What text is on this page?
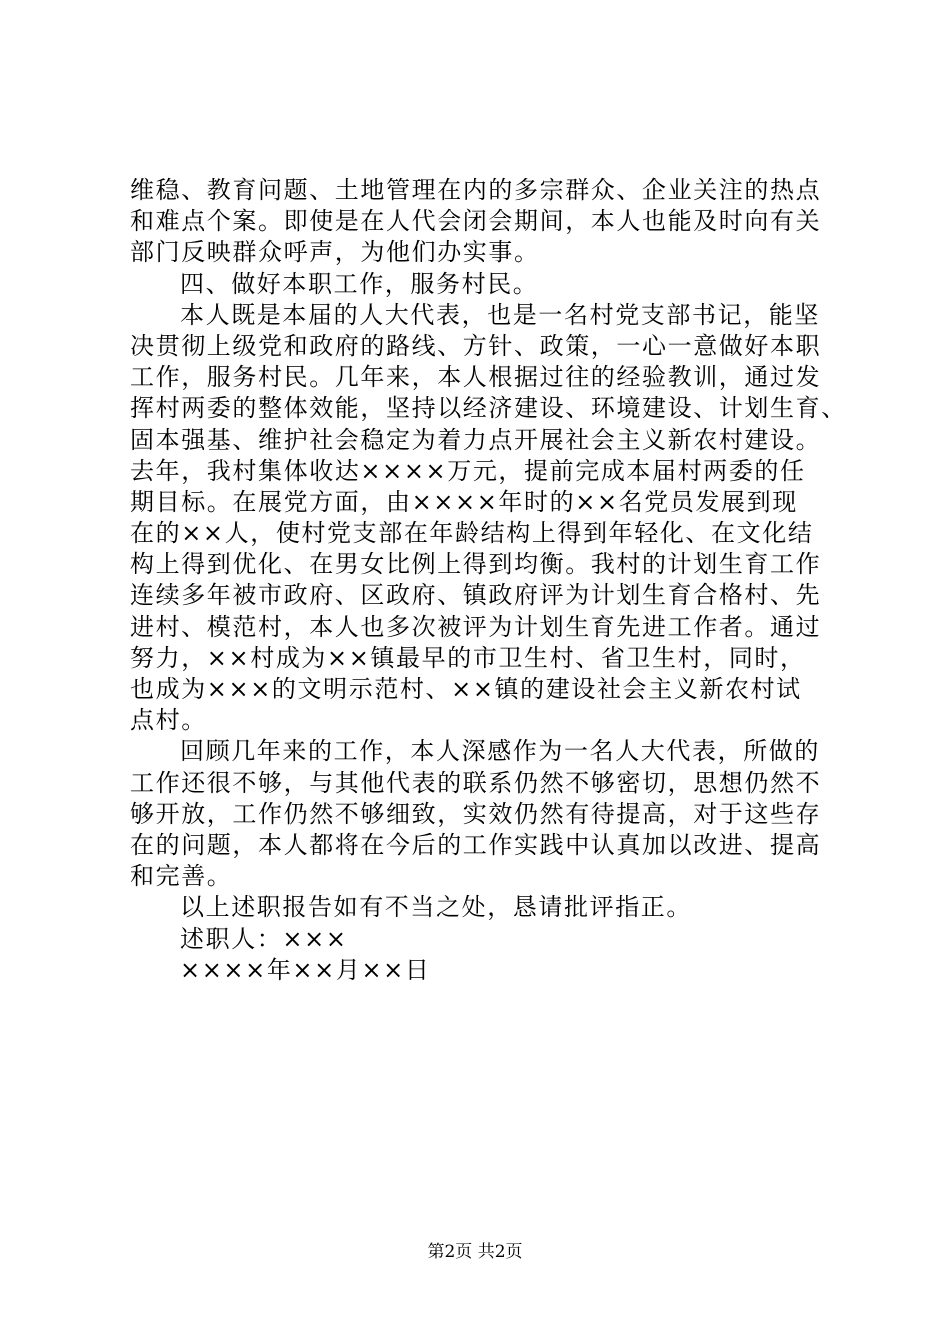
维稳、教育问题、土地管理在内的多宗群众、企业关注的热点
和难点个案。即使是在人代会闭会期间，本人也能及时向有关
部门反映群众呼声，为他们办实事。
四、做好本职工作，服务村民。
本人既是本届的人大代表，也是一名村党支部书记，能坚
决贯彻上级党和政府的路线、方针、政策，一心一意做好本职
工作，服务村民。几年来，本人根据过往的经验教训，通过发
挥村两委的整体效能，坚持以经济建设、环境建设、计划生育、
固本强基、维护社会稳定为着力点开展社会主义新农村建设。
去年，我村集体收达××××万元，提前完成本届村两委的任
期目标。在展党方面，由××××年时的××名党员发展到现
在的××人，使村党支部在年龄结构上得到年轻化、在文化结
构上得到优化、在男女比例上得到均衡。我村的计划生育工作
连续多年被市政府、区政府、镇政府评为计划生育合格村、先
进村、模范村，本人也多次被评为计划生育先进工作者。通过
努力，××村成为××镇最早的市卫生村、省卫生村，同时，
也成为×××的文明示范村、××镇的建设社会主义新农村试
点村。
回顾几年来的工作，本人深感作为一名人大代表，所做的
工作还很不够，与其他代表的联系仍然不够密切，思想仍然不
够开放，工作仍然不够细致，实效仍然有待提高，对于这些存
在的问题，本人都将在今后的工作实践中认真加以改进、提高
和完善。
以上述职报告如有不当之处，恳请批评指正。
述职人：×××
××××年××月××日
第2页 共2页
